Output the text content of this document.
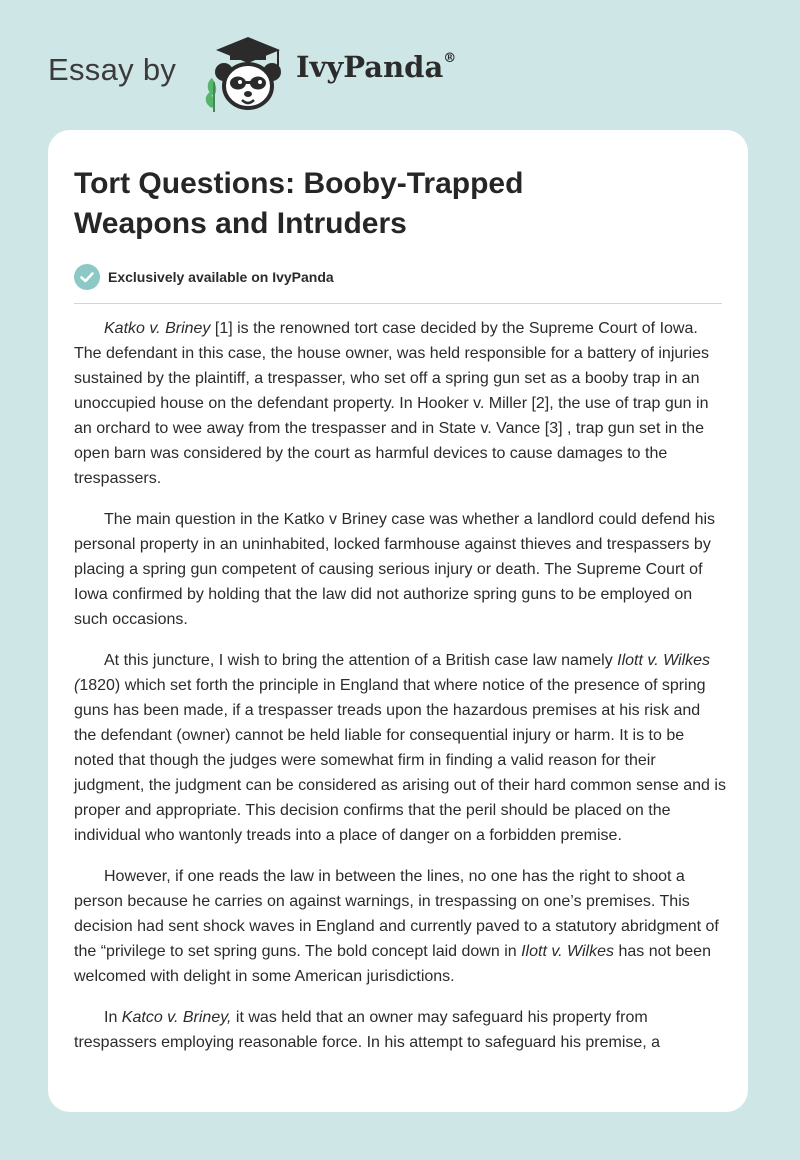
Essay by	IvyPanda®
Tort Questions: Booby-Trapped Weapons and Intruders
Exclusively available on IvyPanda

Katko v. Briney [1] is the renowned tort case decided by the Supreme Court of Iowa. The defendant in this case, the house owner, was held responsible for a battery of injuries sustained by the plaintiff, a trespasser, who set off a spring gun set as a booby trap in an unoccupied house on the defendant property. In Hooker v. Miller [2], the use of trap gun in an orchard to wee away from the trespasser and in State v. Vance [3] , trap gun set in the open barn was considered by the court as harmful devices to cause damages to the trespassers.

The main question in the Katko v Briney case was whether a landlord could defend his personal property in an uninhabited, locked farmhouse against thieves and trespassers by placing a spring gun competent of causing serious injury or death. The Supreme Court of Iowa confirmed by holding that the law did not authorize spring guns to be employed on such occasions.

At this juncture, I wish to bring the attention of a British case law namely Ilott v. Wilkes (1820) which set forth the principle in England that where notice of the presence of spring guns has been made, if a trespasser treads upon the hazardous premises at his risk and the defendant (owner) cannot be held liable for consequential injury or harm. It is to be noted that though the judges were somewhat firm in finding a valid reason for their judgment, the judgment can be considered as arising out of their hard common sense and is proper and appropriate. This decision confirms that the peril should be placed on the individual who wantonly treads into a place of danger on a forbidden premise.

However, if one reads the law in between the lines, no one has the right to shoot a person because he carries on against warnings, in trespassing on one’s premises. This decision had sent shock waves in England and currently paved to a statutory abridgment of the “privilege to set spring guns. The bold concept laid down in Ilott v. Wilkes has not been welcomed with delight in some American jurisdictions.

In Katco v. Briney, it was held that an owner may safeguard his property from trespassers employing reasonable force. In his attempt to safeguard his premise, a
